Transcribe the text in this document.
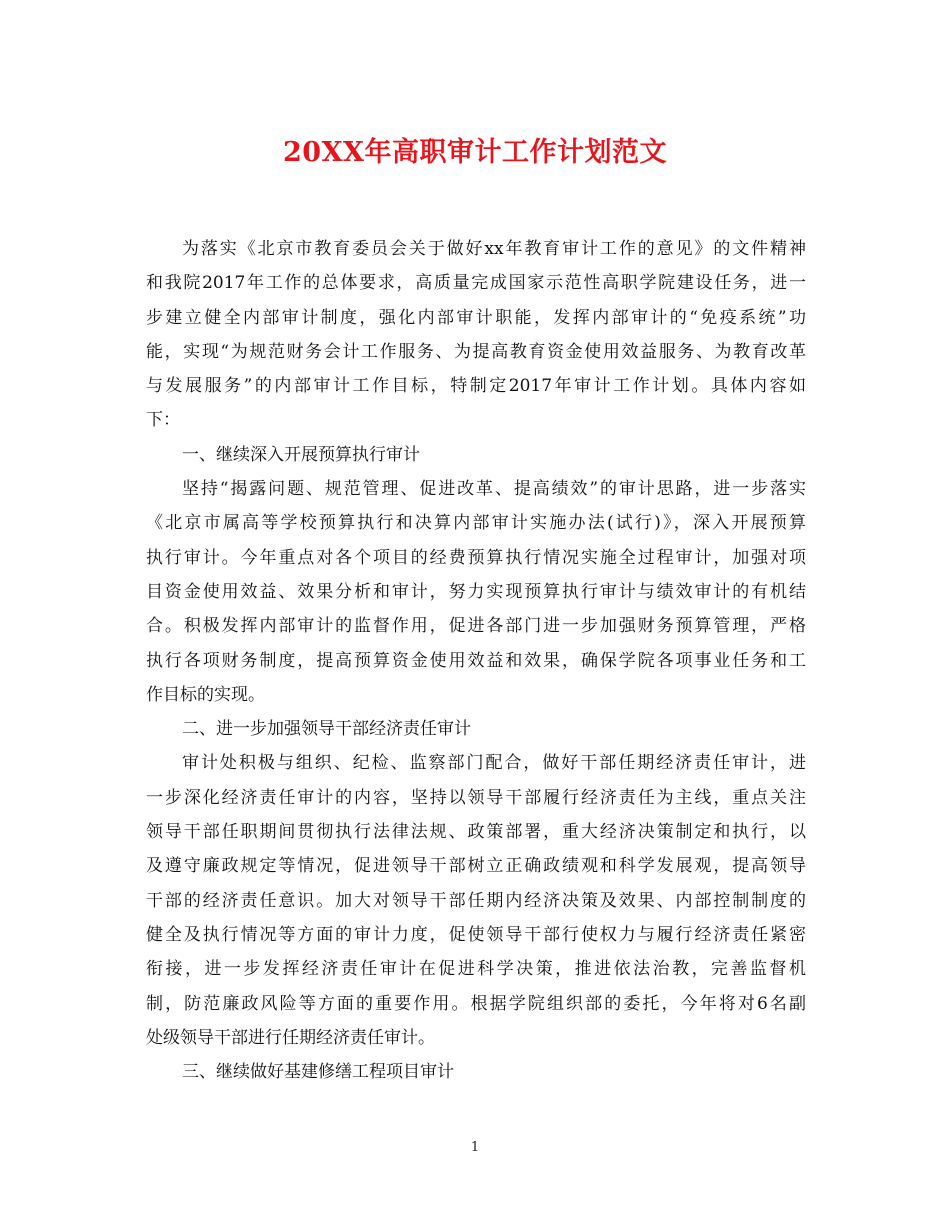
20XX年高职审计工作计划范文
为落实《北京市教育委员会关于做好xx年教育审计工作的意见》的文件精神
和我院2017年工作的总体要求，高质量完成国家示范性高职学院建设任务，进一
步建立健全内部审计制度，强化内部审计职能，发挥内部审计的“免疫系统”功
能，实现“为规范财务会计工作服务、为提高教育资金使用效益服务、为教育改革
与发展服务”的内部审计工作目标，特制定2017年审计工作计划。具体内容如
下：
一、继续深入开展预算执行审计
坚持“揭露问题、规范管理、促进改革、提高绩效”的审计思路，进一步落实
《北京市属高等学校预算执行和决算内部审计实施办法(试行)》，深入开展预算
执行审计。今年重点对各个项目的经费预算执行情况实施全过程审计，加强对项
目资金使用效益、效果分析和审计，努力实现预算执行审计与绩效审计的有机结
合。积极发挥内部审计的监督作用，促进各部门进一步加强财务预算管理，严格
执行各项财务制度，提高预算资金使用效益和效果，确保学院各项事业任务和工
作目标的实现。
二、进一步加强领导干部经济责任审计
审计处积极与组织、纪检、监察部门配合，做好干部任期经济责任审计，进
一步深化经济责任审计的内容，坚持以领导干部履行经济责任为主线，重点关注
领导干部任职期间贯彻执行法律法规、政策部署，重大经济决策制定和执行，以
及遵守廉政规定等情况，促进领导干部树立正确政绩观和科学发展观，提高领导
干部的经济责任意识。加大对领导干部任期内经济决策及效果、内部控制制度的
健全及执行情况等方面的审计力度，促使领导干部行使权力与履行经济责任紧密
衔接，进一步发挥经济责任审计在促进科学决策，推进依法治教，完善监督机
制，防范廉政风险等方面的重要作用。根据学院组织部的委托，今年将对6名副
处级领导干部进行任期经济责任审计。
三、继续做好基建修缮工程项目审计
1
